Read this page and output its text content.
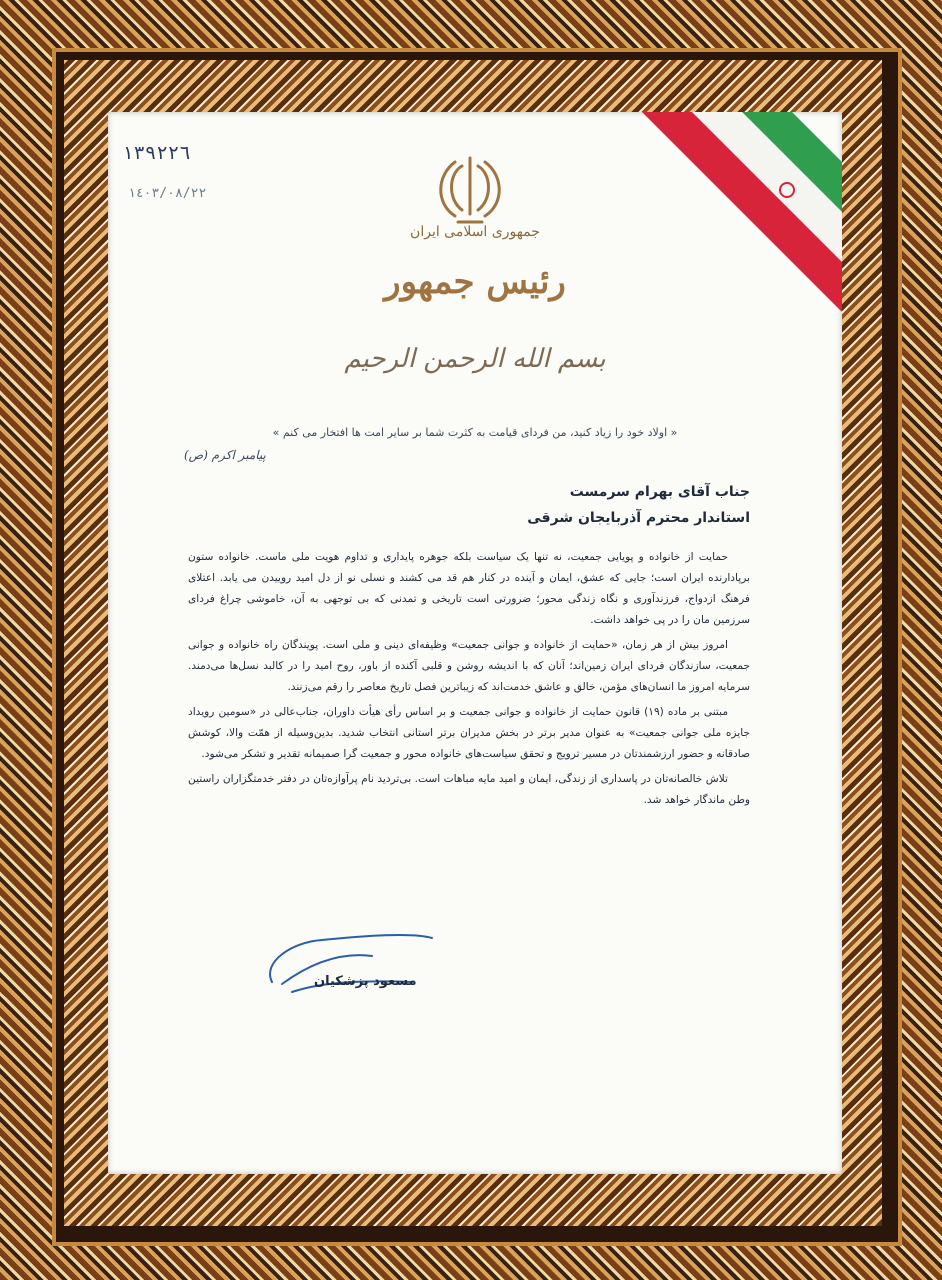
١٣٩٢٢٦
١٤٠٣/٠٨/٢٢
جمهوری اسلامی ایران
رئیس جمهور
بسم الله الرحمن الرحیم
« اولاد خود را زیاد کنید، من فردای قیامت به کثرت شما بر سایر امت ها افتخار می کنم »
پیامبر اکرم (ص)
جناب آقای بهرام سرمست
استاندار محترم آذربایجان شرقی

حمایت از خانواده و پویایی جمعیت، نه تنها یک سیاست بلکه جوهره پایداری و تداوم هویت ملی ماست. خانواده ستون برپادارنده ایران است؛ جایی که عشق، ایمان و آینده در کنار هم قد می کشند و نسلی نو از دل امید روییدن می یابد. اعتلای فرهنگ ازدواج، فرزندآوری و نگاه زندگی محور؛ ضرورتی است تاریخی و تمدنی که بی توجهی به آن، خاموشی چراغ فردای سرزمین مان را در پی خواهد داشت.

امروز بیش از هر زمان، «حمایت از خانواده و جوانی جمعیت» وظیفه‌ای دینی و ملی است. پویندگان راه خانواده و جوانی جمعیت، سازندگان فردای ایران زمین‌اند؛ آنان که با اندیشه روشن و قلبی آکنده از باور، روح امید را در کالبد نسل‌ها می‌دمند. سرمایه امروز ما انسان‌های مؤمن، خالق و عاشق خدمت‌اند که زیباترین فصل تاریخ معاصر را رقم می‌زنند.

مبتنی بر ماده (۱۹) قانون حمایت از خانواده و جوانی جمعیت و بر اساس رأی هیأت داوران، جناب‌عالی در «سومین رویداد جایزه ملی جوانی جمعیت» به عنوان مدیر برتر در بخش مدیران برتر استانی انتخاب شدید. بدین‌وسیله از همّت والا، کوشش صادقانه و حضور ارزشمندتان در مسیر ترویج و تحقق سیاست‌های خانواده محور و جمعیت گرا صمیمانه تقدیر و تشکر می‌شود.

تلاش خالصانه‌تان در پاسداری از زندگی، ایمان و امید مایه مباهات است. بی‌تردید نام پرآوازه‌تان در دفتر خدمتگزاران راستین وطن ماندگار خواهد شد.

مسعود پزشکیان
